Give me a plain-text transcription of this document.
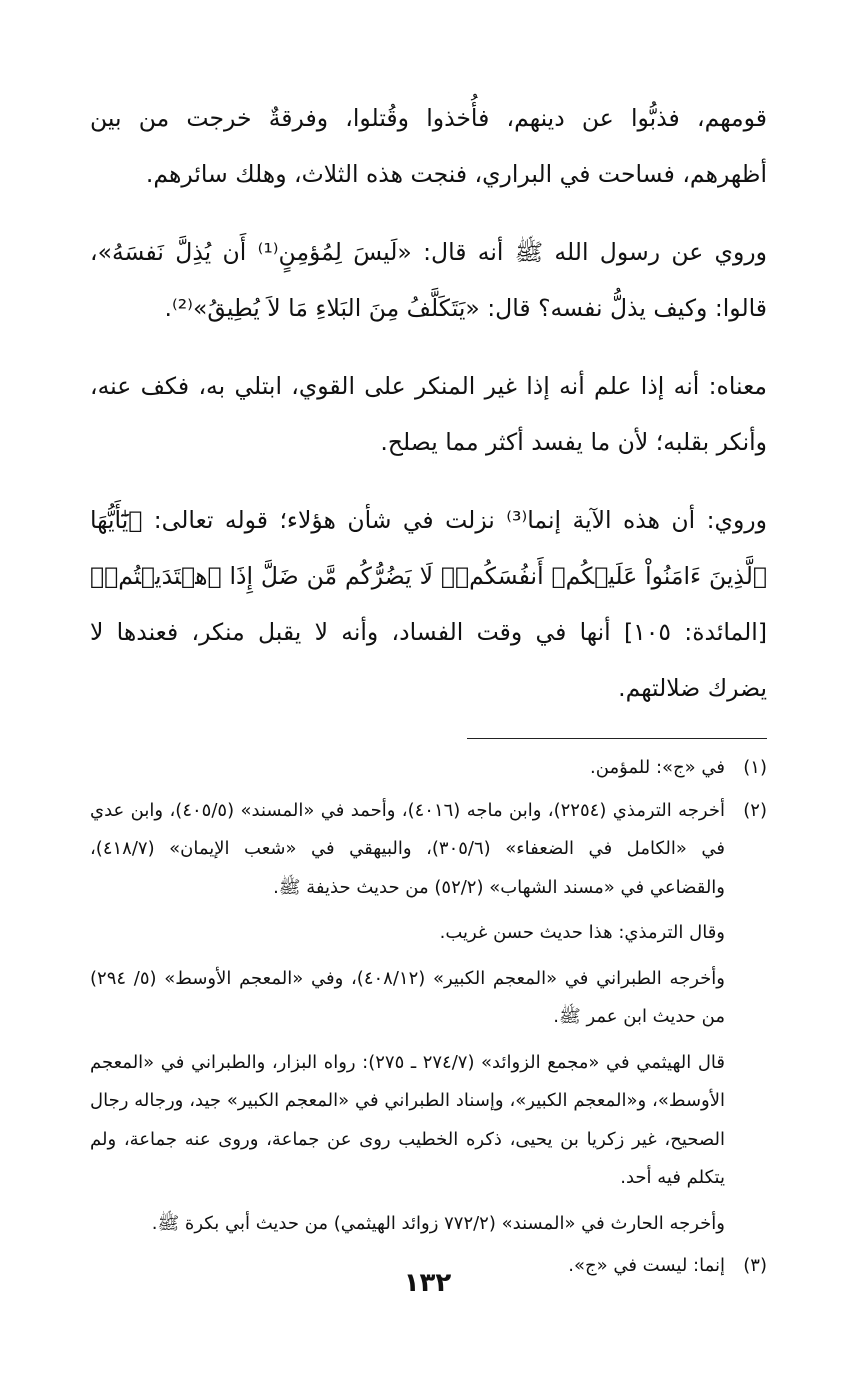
قومهم، فذبُّوا عن دينهم، فأُخذوا وقُتلوا، وفرقةٌ خرجت من بين أظهرهم، فساحت في البراري، فنجت هذه الثلاث، وهلك سائرهم.

وروي عن رسول الله ﷺ أنه قال: «لَيسَ لِمُؤمِنٍ⁽¹⁾ أَن يُذِلَّ نَفسَهُ»، قالوا: وكيف يذلُّ نفسه؟ قال: «يَتَكَلَّفُ مِنَ البَلاءِ مَا لاَ يُطِيقُ»⁽²⁾.

معناه: أنه إذا علم أنه إذا غير المنكر على القوي، ابتلي به، فكف عنه، وأنكر بقلبه؛ لأن ما يفسد أكثر مما يصلح.

وروي: أن هذه الآية إنما⁽³⁾ نزلت في شأن هؤلاء؛ قوله تعالى: ﴿يَٰٓأَيُّهَا ٱلَّذِينَ ءَامَنُواْ عَلَيۡكُمۡ أَنفُسَكُمۡۖ لَا يَضُرُّكُم مَّن ضَلَّ إِذَا ٱهۡتَدَيۡتُمۡ﴾ [المائدة: ١٠٥] أنها في وقت الفساد، وأنه لا يقبل منكر، فعندها لا يضرك ضلالتهم.

(١)

في «ج»: للمؤمن.

(٢)

أخرجه الترمذي (٢٢٥٤)، وابن ماجه (٤٠١٦)، وأحمد في «المسند» (٤٠٥/٥)، وابن عدي في «الكامل في الضعفاء» (٣٠٥/٦)، والبيهقي في «شعب الإيمان» (٤١٨/٧)، والقضاعي في «مسند الشهاب» (٥٢/٢) من حديث حذيفة ﷺ.

وقال الترمذي: هذا حديث حسن غريب.

وأخرجه الطبراني في «المعجم الكبير» (٤٠٨/١٢)، وفي «المعجم الأوسط» (٥/ ٢٩٤) من حديث ابن عمر ﷺ.

قال الهيثمي في «مجمع الزوائد» (٢٧٤/٧ ـ ٢٧٥): رواه البزار، والطبراني في «المعجم الأوسط»، و«المعجم الكبير»، وإسناد الطبراني في «المعجم الكبير» جيد، ورجاله رجال الصحيح، غير زكريا بن يحيى، ذكره الخطيب روى عن جماعة، وروى عنه جماعة، ولم يتكلم فيه أحد.

وأخرجه الحارث في «المسند» (٧٧٢/٢ زوائد الهيثمي) من حديث أبي بكرة ﷺ.

(٣)

إنما: ليست في «ج».

١٣٢
